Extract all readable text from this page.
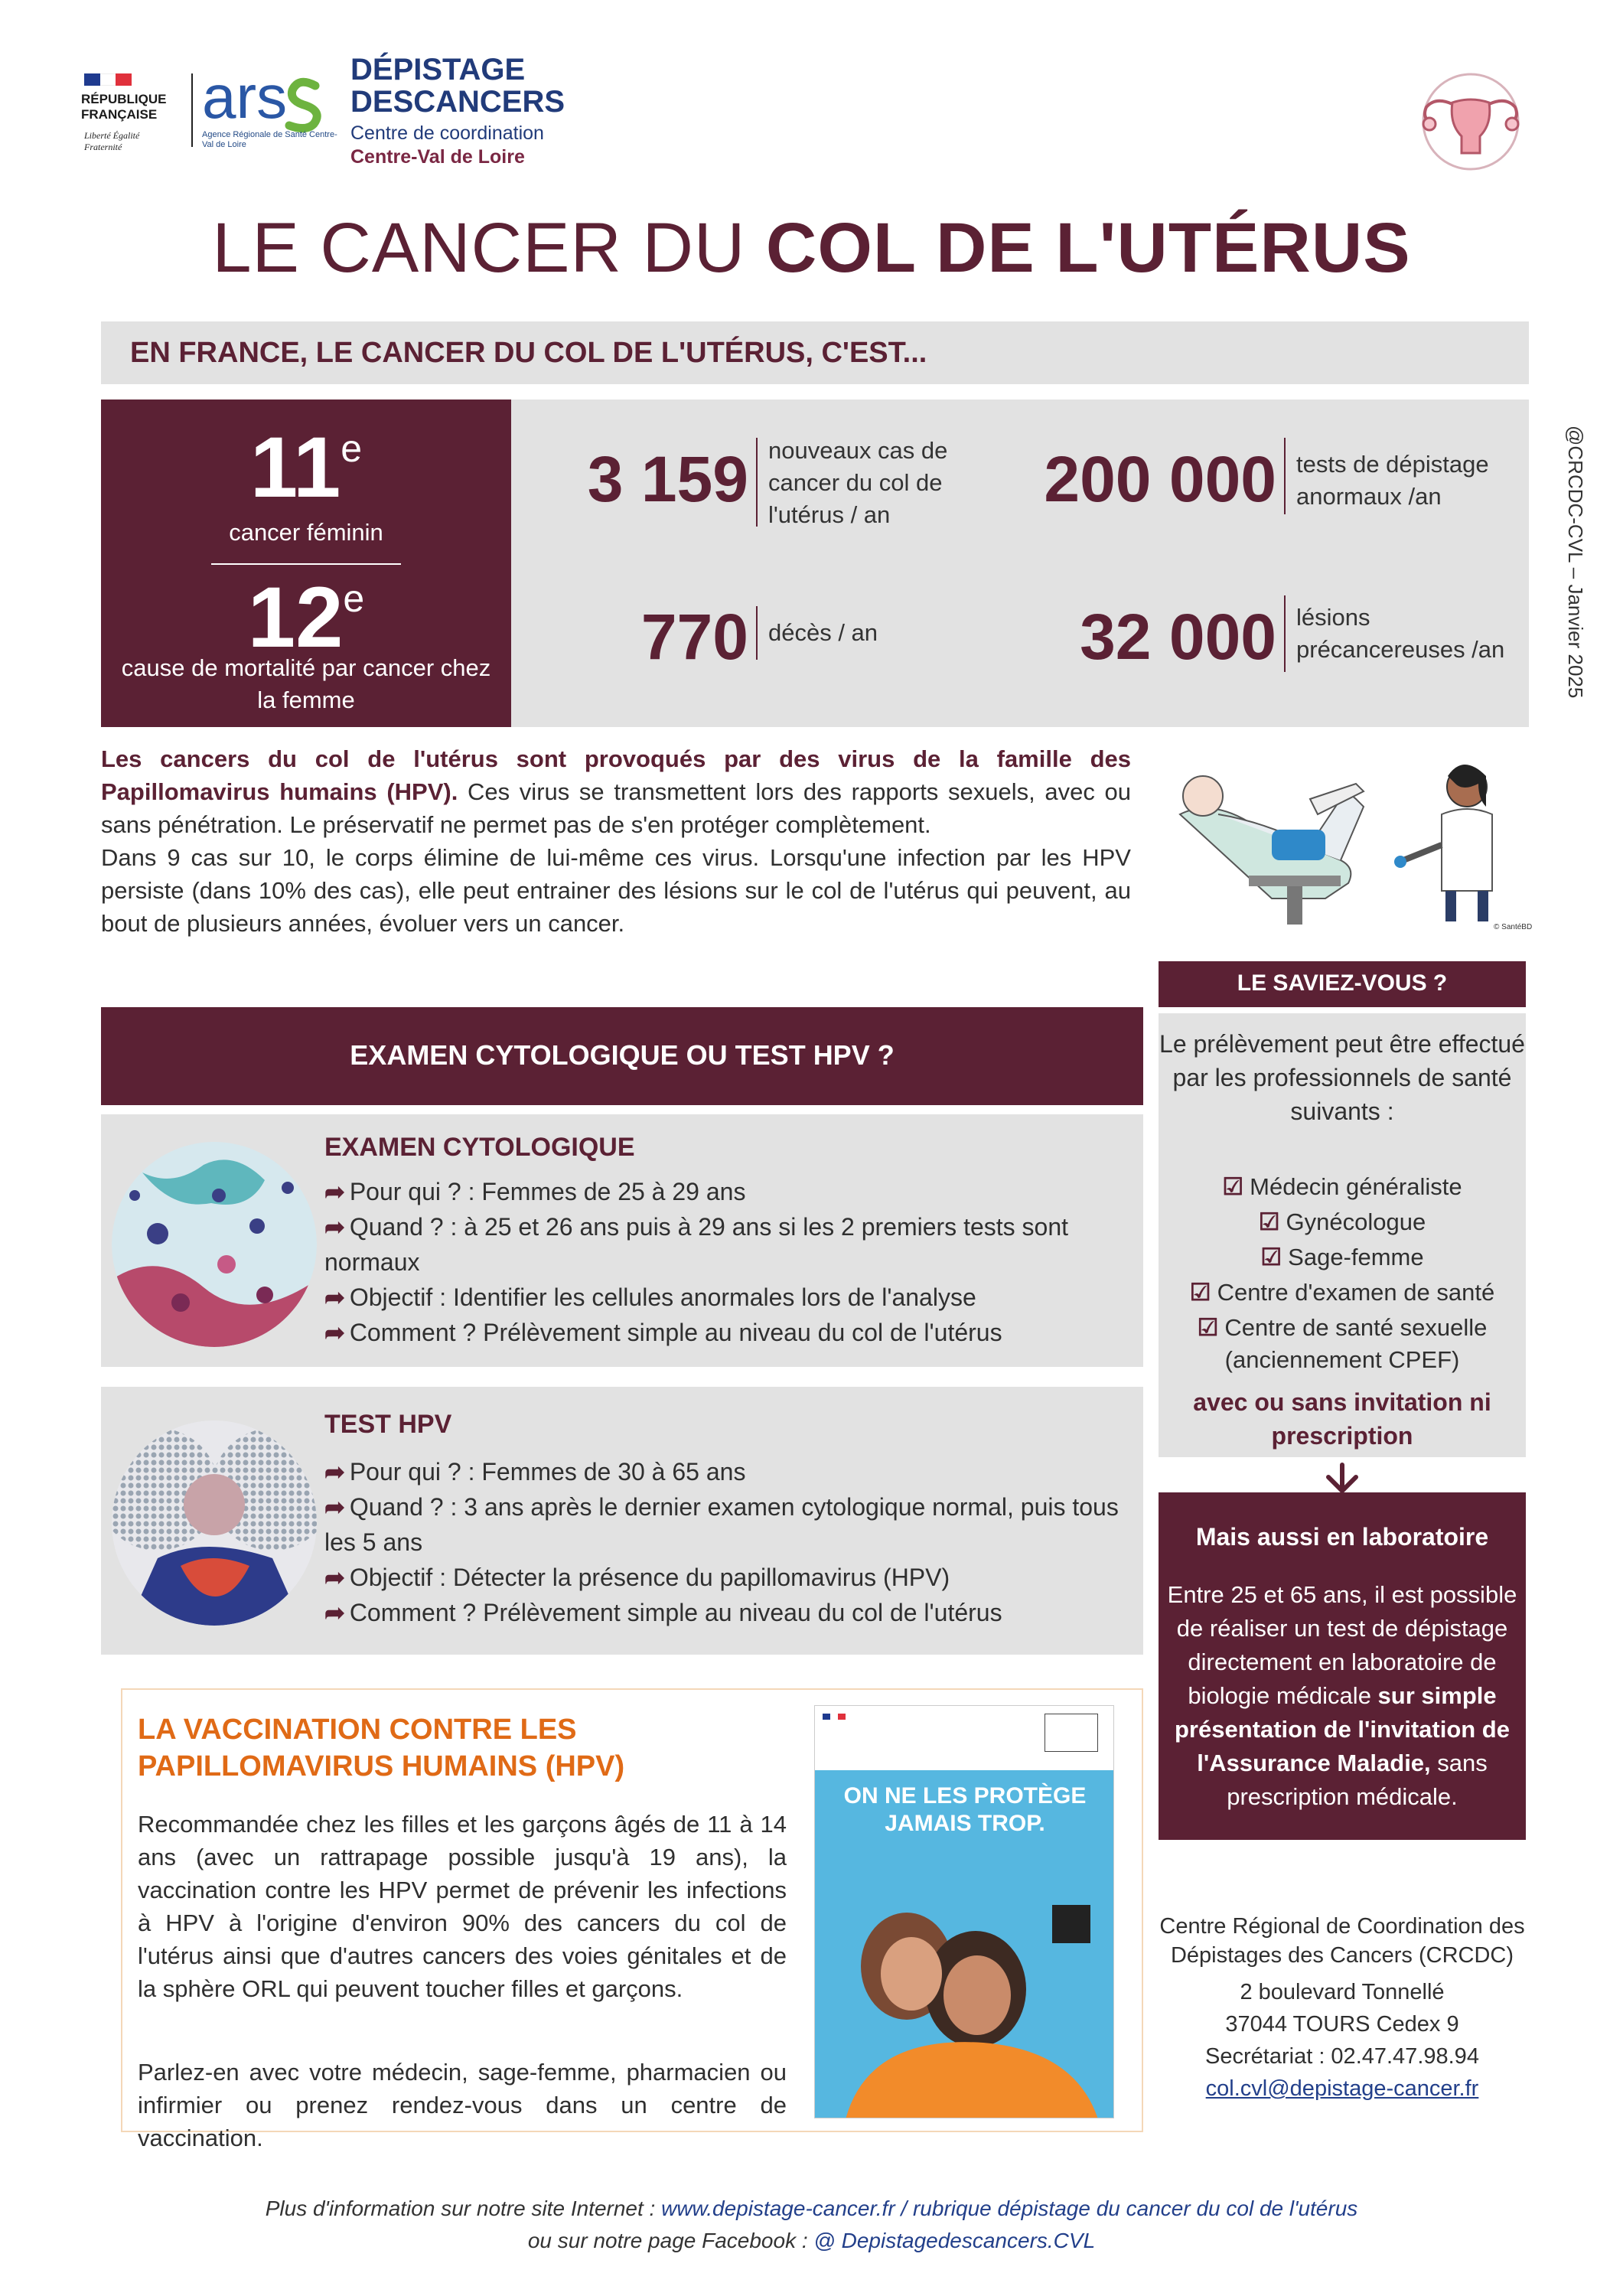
RÉPUBLIQUE FRANÇAISE
Liberté Égalité Fraternité
ars
Agence Régionale de Santé Centre-Val de Loire
DÉPISTAGE
DESCANCERS
Centre de coordination
Centre-Val de Loire
LE CANCER DU COL DE L'UTÉRUS
@CRCDC-CVL – Janvier 2025
EN FRANCE, LE CANCER DU COL DE L'UTÉRUS, C'EST...
11e
cancer féminin
12e
cause de mortalité par cancer chez la femme
3 159 nouveaux cas de cancer du col de l'utérus / an	200 000 tests de dépistage anormaux /an
770 décès / an	32 000 lésions précancereuses /an

Les cancers du col de l'utérus sont provoqués par des virus de la famille des Papillomavirus humains (HPV). Ces virus se transmettent lors des rapports sexuels, avec ou sans pénétration. Le préservatif ne permet pas de s'en protéger complètement.

Dans 9 cas sur 10, le corps élimine de lui-même ces virus. Lorsqu'une infection par les HPV persiste (dans 10% des cas), elle peut entrainer des lésions sur le col de l'utérus qui peuvent, au bout de plusieurs années, évoluer vers un cancer.	© SantéBD
EXAMEN CYTOLOGIQUE OU TEST HPV ?
EXAMEN CYTOLOGIQUE
➦ Pour qui ? : Femmes de 25 à 29 ans
➦ Quand ? : à 25 et 26 ans puis à 29 ans si les 2 premiers tests sont normaux
➦ Objectif : Identifier les cellules anormales lors de l'analyse
➦ Comment ? Prélèvement simple au niveau du col de l'utérus
TEST HPV
➦ Pour qui ? : Femmes de 30 à 65 ans
➦ Quand ? : 3 ans après le dernier examen cytologique normal, puis tous les 5 ans
➦ Objectif : Détecter la présence du papillomavirus (HPV)
➦ Comment ? Prélèvement simple au niveau du col de l'utérus
LE SAVIEZ-VOUS ?
Le prélèvement peut être effectué par les professionnels de santé suivants :
☑ Médecin généraliste
☑ Gynécologue
☑ Sage-femme
☑ Centre d'examen de santé
☑ Centre de santé sexuelle
(anciennement CPEF)
avec ou sans invitation ni prescription
Mais aussi en laboratoire
Entre 25 et 65 ans, il est possible de réaliser un test de dépistage directement en laboratoire de biologie médicale sur simple présentation de l'invitation de l'Assurance Maladie, sans prescription médicale.
Centre Régional de Coordination des Dépistages des Cancers (CRCDC)
2 boulevard Tonnellé
37044 TOURS Cedex 9
Secrétariat : 02.47.47.98.94
col.cvl@depistage-cancer.fr
LA VACCINATION CONTRE LES PAPILLOMAVIRUS HUMAINS (HPV)
Recommandée chez les filles et les garçons âgés de 11 à 14 ans (avec un rattrapage possible jusqu'à 19 ans), la vaccination contre les HPV permet de prévenir les infections à HPV à l'origine d'environ 90% des cancers du col de l'utérus ainsi que d'autres cancers des voies génitales et de la sphère ORL qui peuvent toucher filles et garçons.
Parlez-en avec votre médecin, sage-femme, pharmacien ou infirmier ou prenez rendez-vous dans un centre de vaccination.
ON NE LES PROTÈGE JAMAIS TROP.
Plus d'information sur notre site Internet : www.depistage-cancer.fr / rubrique dépistage du cancer du col de l'utérus
ou sur notre page Facebook : @ Depistagedescancers.CVL
